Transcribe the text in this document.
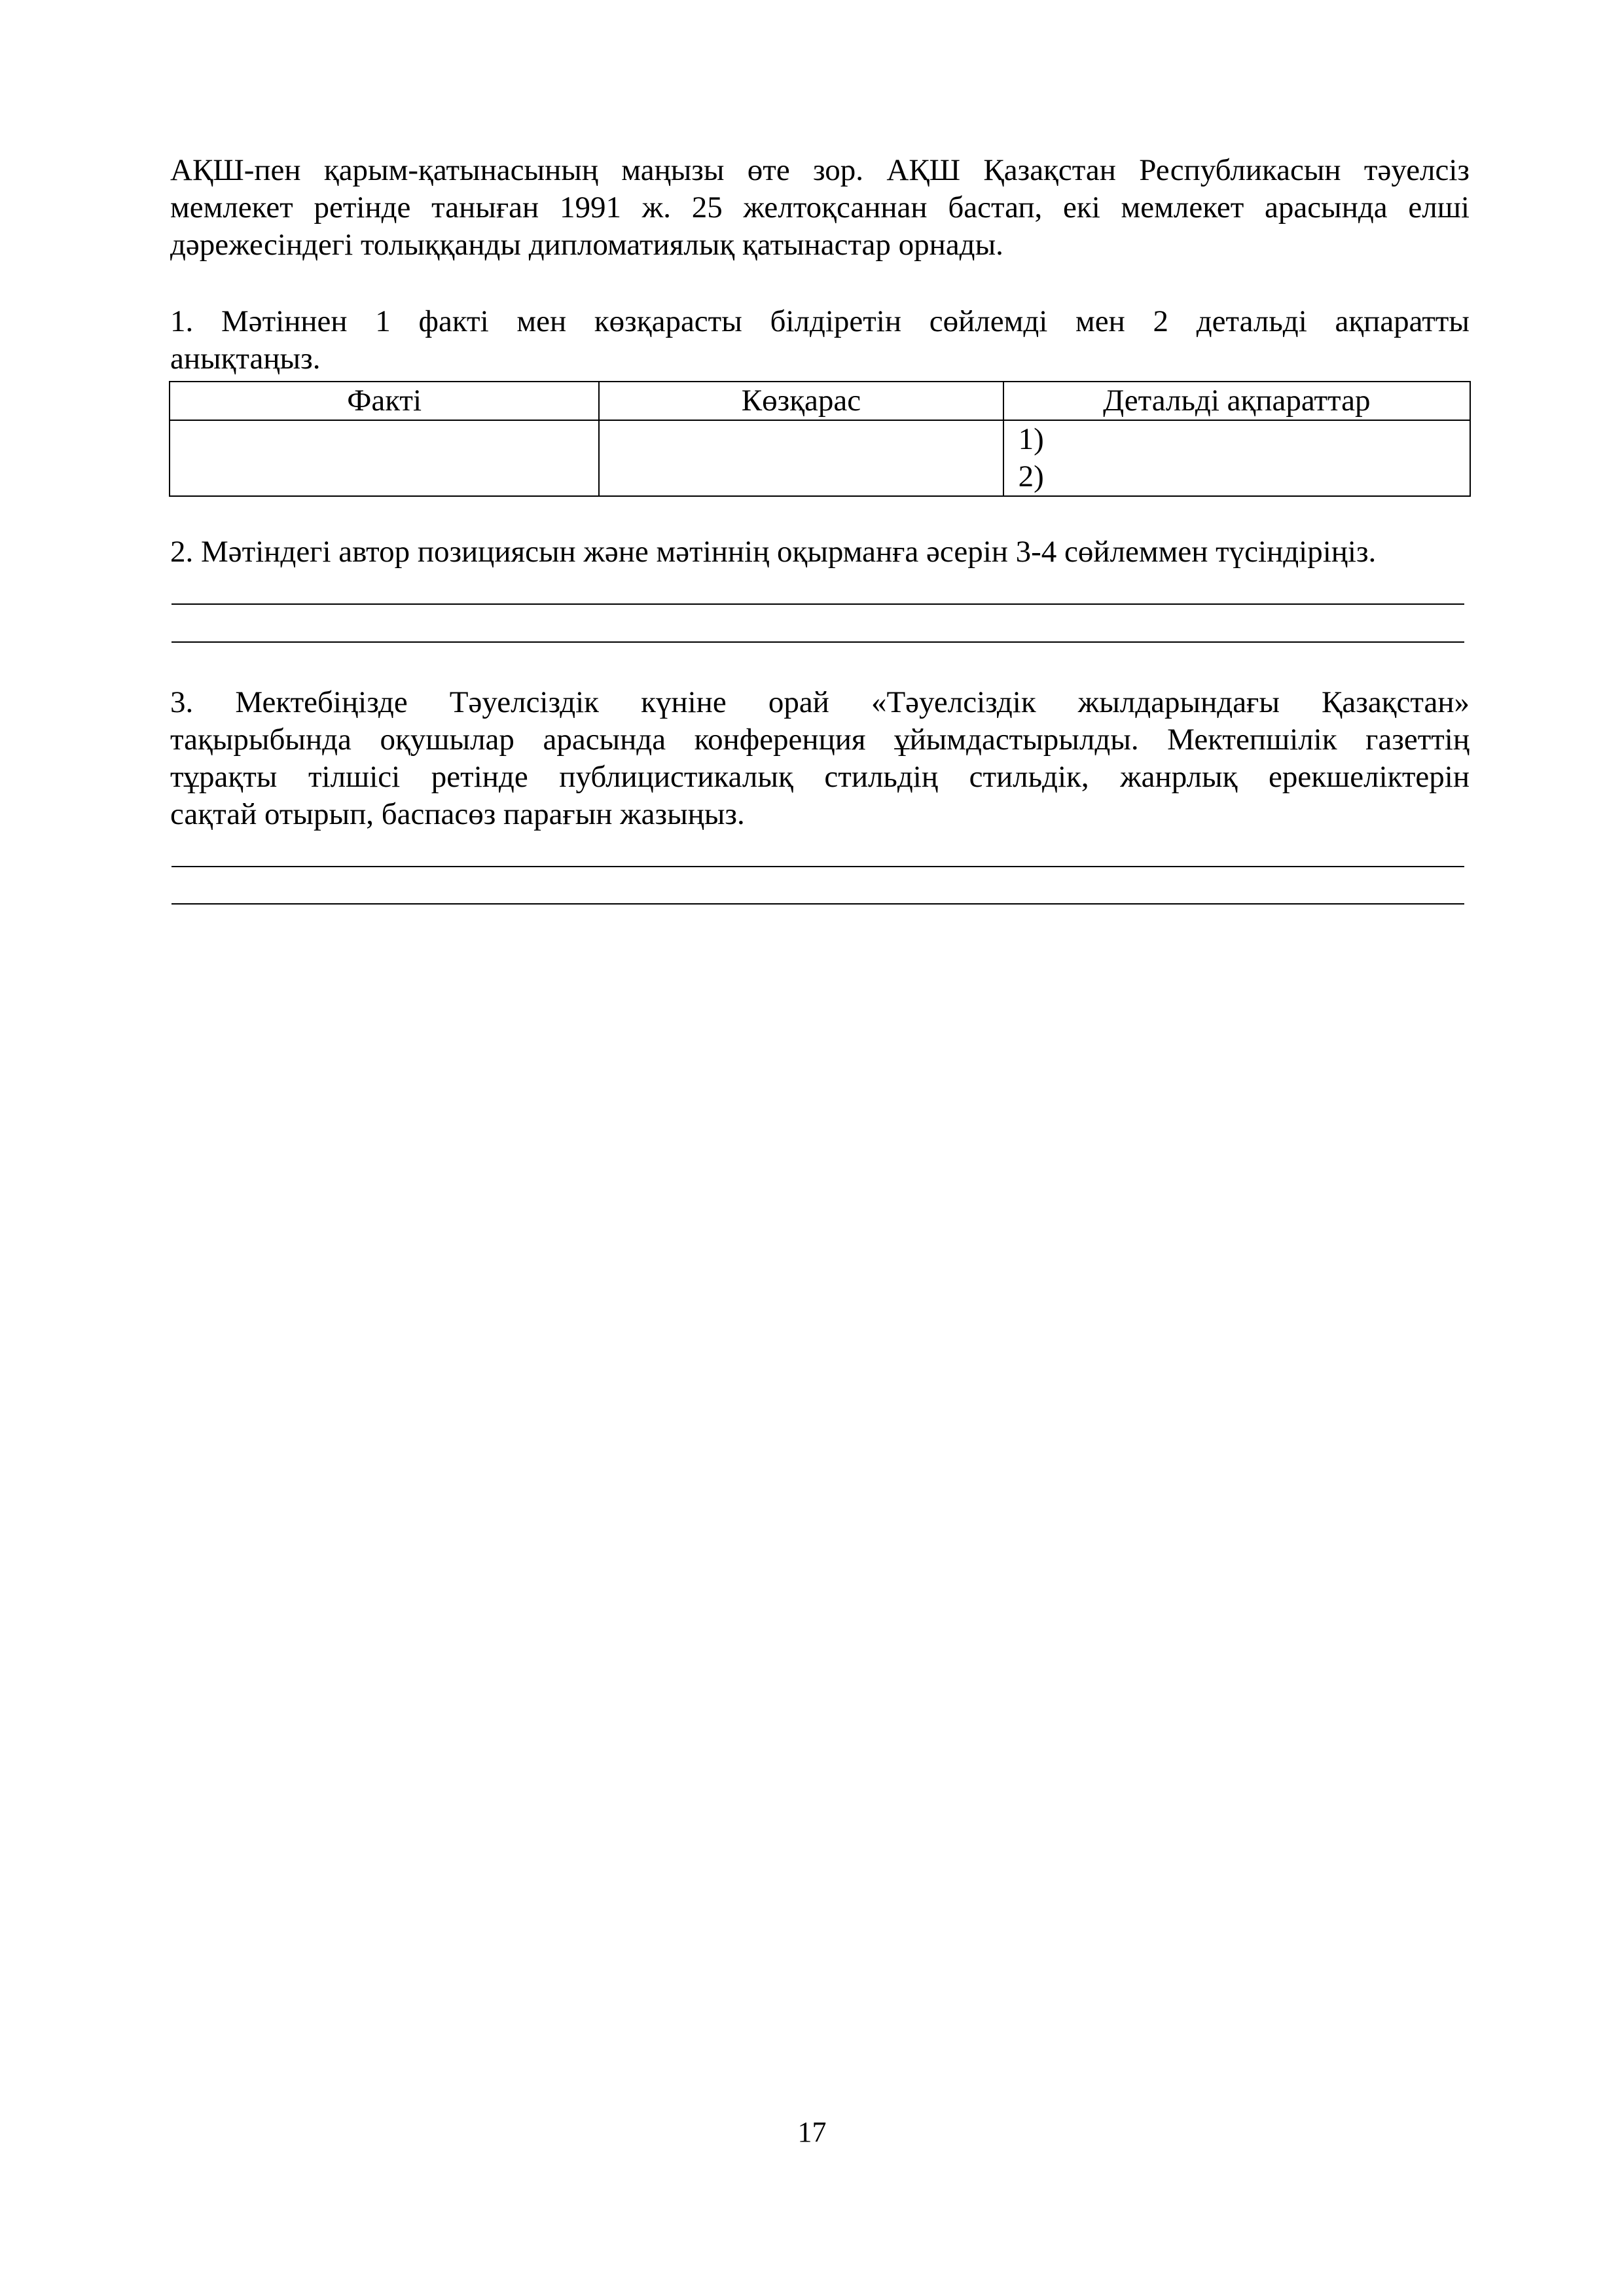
АҚШ-пен қарым-қатынасының маңызы өте зор. АҚШ Қазақстан Республикасын тәуелсіз
мемлекет ретінде таныған 1991 ж. 25 желтоқсаннан бастап, екі мемлекет арасында елші
дәрежесіндегі толыққанды дипломатиялық қатынастар орнады.
1. Мәтіннен 1 факті мен көзқарасты білдіретін сөйлемді мен 2 детальді ақпаратты
анықтаңыз.
Факті	Көзқарас	Детальді ақпараттар

		1)
2)
2. Мәтіндегі автор позициясын және мәтіннің оқырманға әсерін 3-4 сөйлеммен түсіндіріңіз.
3. Мектебіңізде Тәуелсіздік күніне орай «Тәуелсіздік жылдарындағы Қазақстан»
тақырыбында оқушылар арасында конференция ұйымдастырылды. Мектепшілік газеттің
тұрақты тілшісі ретінде публицистикалық стильдің стильдік, жанрлық ерекшеліктерін
сақтай отырып, баспасөз парағын жазыңыз.
17
